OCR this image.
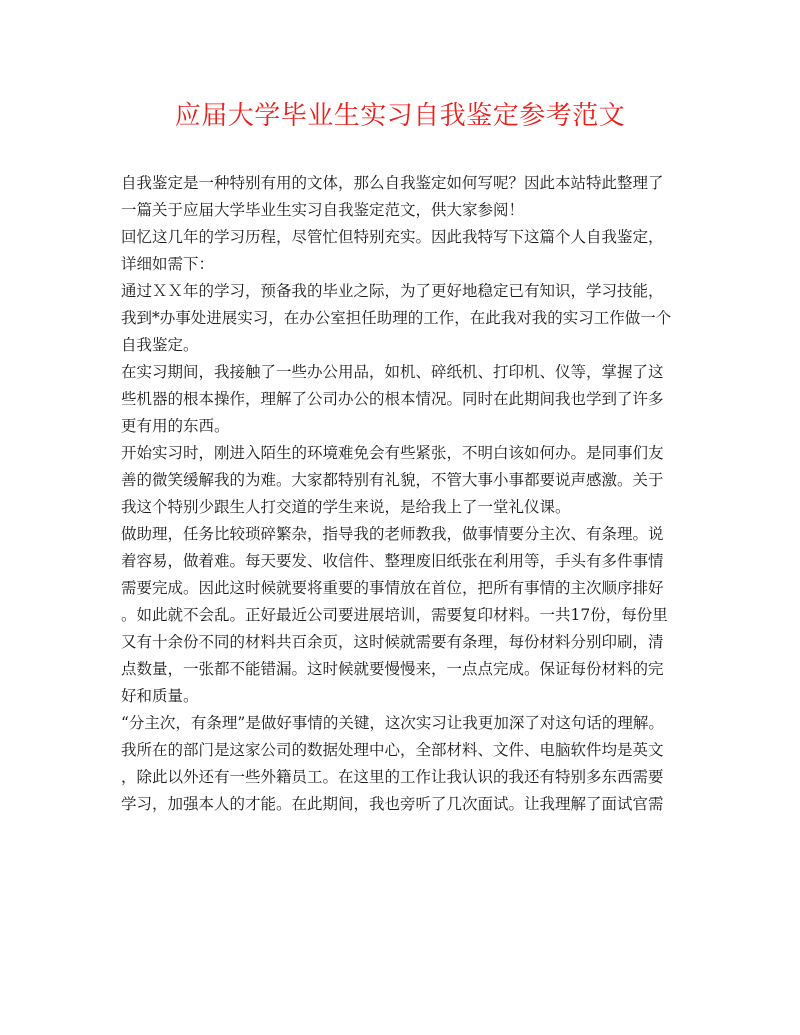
应届大学毕业生实习自我鉴定参考范文
自我鉴定是一种特别有用的文体，那么自我鉴定如何写呢？因此本站特此整理了
一篇关于应届大学毕业生实习自我鉴定范文，供大家参阅！
回忆这几年的学习历程，尽管忙但特别充实。因此我特写下这篇个人自我鉴定，
详细如需下：
通过ＸＸ年的学习，预备我的毕业之际，为了更好地稳定已有知识，学习技能，
我到*办事处进展实习，在办公室担任助理的工作，在此我对我的实习工作做一个
自我鉴定。
在实习期间，我接触了一些办公用品，如机、碎纸机、打印机、仪等，掌握了这
些机器的根本操作，理解了公司办公的根本情况。同时在此期间我也学到了许多
更有用的东西。
开始实习时，刚进入陌生的环境难免会有些紧张，不明白该如何办。是同事们友
善的微笑缓解我的为难。大家都特别有礼貌，不管大事小事都要说声感激。关于
我这个特别少跟生人打交道的学生来说，是给我上了一堂礼仪课。
做助理，任务比较琐碎繁杂，指导我的老师教我，做事情要分主次、有条理。说
着容易，做着难。每天要发、收信件、整理废旧纸张在利用等，手头有多件事情
需要完成。因此这时候就要将重要的事情放在首位，把所有事情的主次顺序排好
。如此就不会乱。正好最近公司要进展培训，需要复印材料。一共17份，每份里
又有十余份不同的材料共百余页，这时候就需要有条理，每份材料分别印刷，清
点数量，一张都不能错漏。这时候就要慢慢来，一点点完成。保证每份材料的完
好和质量。
“分主次，有条理”是做好事情的关键，这次实习让我更加深了对这句话的理解。
我所在的部门是这家公司的数据处理中心，全部材料、文件、电脑软件均是英文
，除此以外还有一些外籍员工。在这里的工作让我认识的我还有特别多东西需要
学习，加强本人的才能。在此期间，我也旁听了几次面试。让我理解了面试官需
